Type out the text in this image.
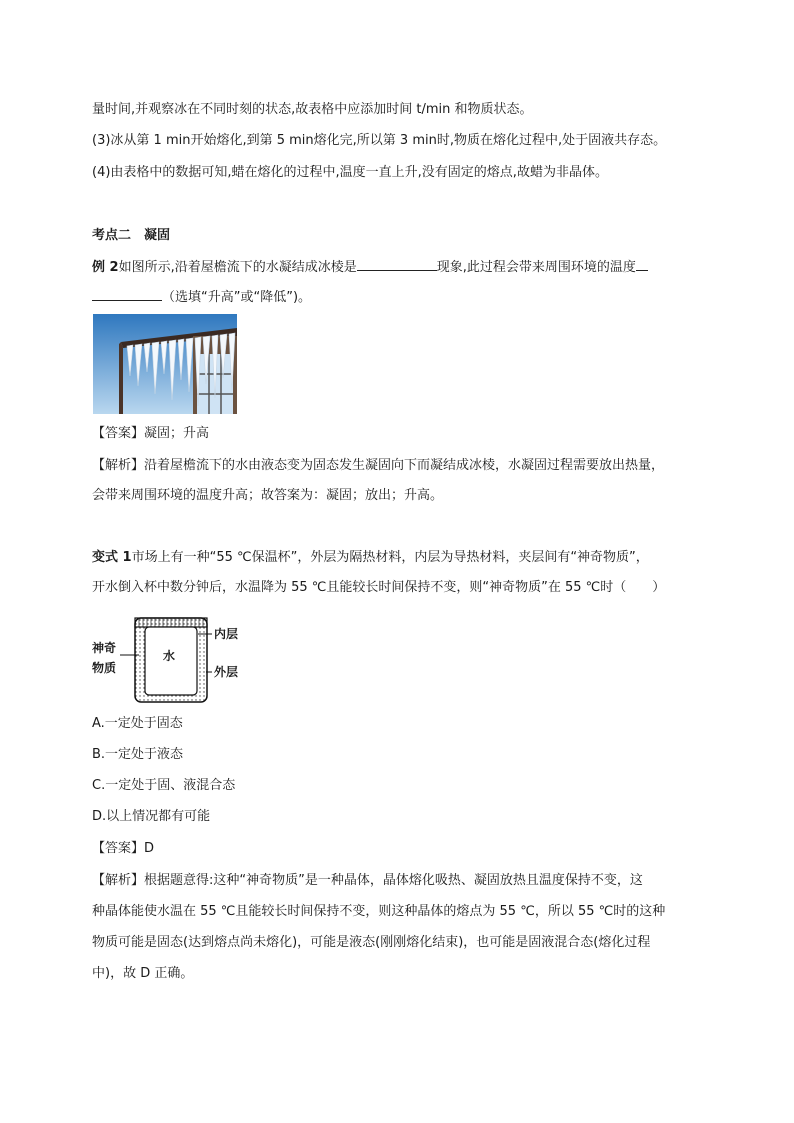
量时间,并观察冰在不同时刻的状态,故表格中应添加时间 t/min 和物质状态。

(3)冰从第 1 min开始熔化,到第 5 min熔化完,所以第 3 min时,物质在熔化过程中,处于固液共存态。

(4)由表格中的数据可知,蜡在熔化的过程中,温度一直上升,没有固定的熔点,故蜡为非晶体。

考点二　凝固

例 2如图所示,沿着屋檐流下的水凝结成冰棱是	现象,此过程会带来周围环境的温度

（选填“升高”或“降低”)。

【答案】凝固；升高

【解析】沿着屋檐流下的水由液态变为固态发生凝固向下而凝结成冰棱，水凝固过程需要放出热量，

会带来周围环境的温度升高；故答案为：凝固；放出；升高。

变式 1市场上有一种“55 ℃保温杯”，外层为隔热材料，内层为导热材料，夹层间有“神奇物质”，

开水倒入杯中数分钟后，水温降为 55 ℃且能较长时间保持不变，则“神奇物质”在 55 ℃时（　　）

水
内层
外层
神奇
物质

A.一定处于固态

B.一定处于液态

C.一定处于固、液混合态

D.以上情况都有可能

【答案】D

【解析】根据题意得:这种“神奇物质”是一种晶体，晶体熔化吸热、凝固放热且温度保持不变，这

种晶体能使水温在 55 ℃且能较长时间保持不变，则这种晶体的熔点为 55 ℃，所以 55 ℃时的这种

物质可能是固态(达到熔点尚未熔化)，可能是液态(刚刚熔化结束)，也可能是固液混合态(熔化过程

中)，故 D 正确。
